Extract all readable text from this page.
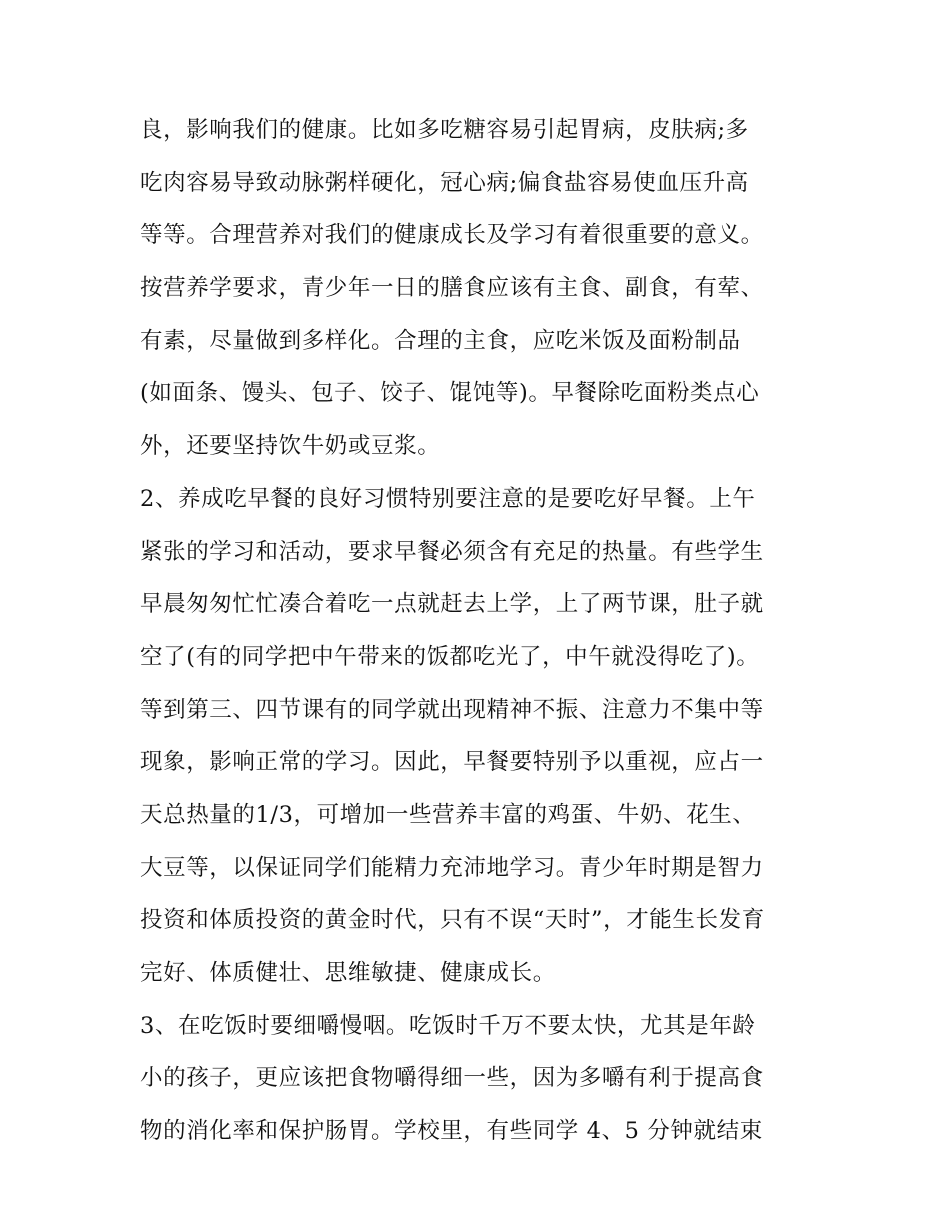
良，影响我们的健康。比如多吃糖容易引起胃病，皮肤病;多
吃肉容易导致动脉粥样硬化，冠心病;偏食盐容易使血压升高
等等。合理营养对我们的健康成长及学习有着很重要的意义。
按营养学要求，青少年一日的膳食应该有主食、副食，有荤、
有素，尽量做到多样化。合理的主食，应吃米饭及面粉制品
(如面条、馒头、包子、饺子、馄饨等)。早餐除吃面粉类点心
外，还要坚持饮牛奶或豆浆。
2、养成吃早餐的良好习惯特别要注意的是要吃好早餐。上午
紧张的学习和活动，要求早餐必须含有充足的热量。有些学生
早晨匆匆忙忙凑合着吃一点就赶去上学，上了两节课，肚子就
空了(有的同学把中午带来的饭都吃光了，中午就没得吃了)。
等到第三、四节课有的同学就出现精神不振、注意力不集中等
现象，影响正常的学习。因此，早餐要特别予以重视，应占一
天总热量的1/3，可增加一些营养丰富的鸡蛋、牛奶、花生、
大豆等，以保证同学们能精力充沛地学习。青少年时期是智力
投资和体质投资的黄金时代，只有不误“天时”，才能生长发育
完好、体质健壮、思维敏捷、健康成长。
3、在吃饭时要细嚼慢咽。吃饭时千万不要太快，尤其是年龄
小的孩子，更应该把食物嚼得细一些，因为多嚼有利于提高食
物的消化率和保护肠胃。学校里，有些同学 4、5 分钟就结束
